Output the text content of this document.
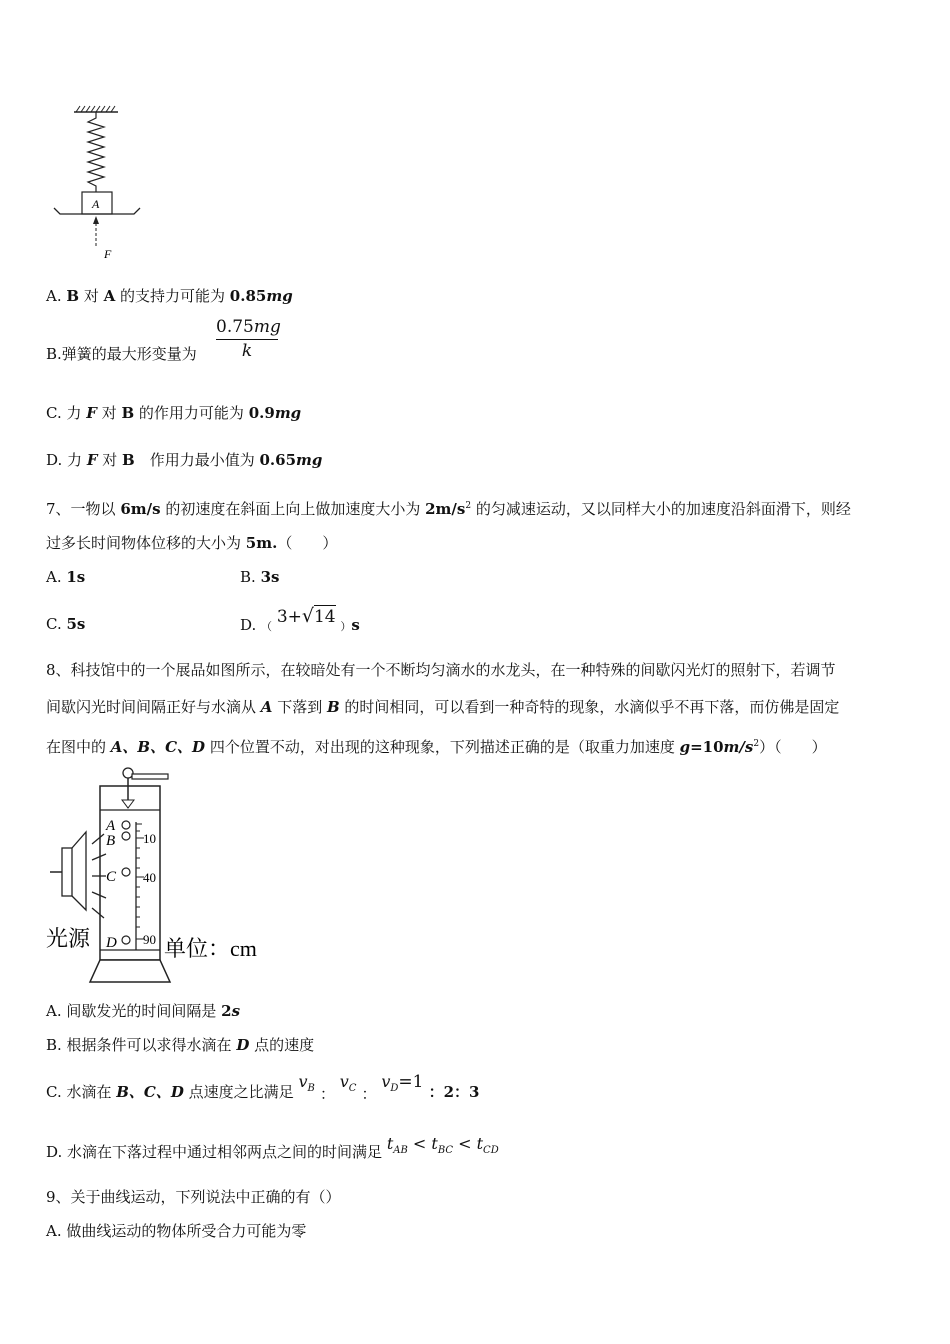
A
F
A. B 对 A 的支持力可能为 0.85mg
B.弹簧的最大形变量为 $\frac{0.75mg}{k}$
C. 力 F 对 B 的作用力可能为 0.9mg
D. 力 F 对 B　作用力最小值为 0.65mg
7、一物以 6m/s 的初速度在斜面上向上做加速度大小为 $2m/s^2$ 的匀减速运动，又以同样大小的加速度沿斜面滑下，则经
过多长时间物体位移的大小为 5m.（　　）
A. 1s	B. 3s
C. 5s	D. （ 3+√14 ）s
8、科技馆中的一个展品如图所示，在较暗处有一个不断均匀滴水的水龙头，在一种特殊的间歇闪光灯的照射下，若调节
间歇闪光时间间隔正好与水滴从 A 下落到 B 的时间相同，可以看到一种奇特的现象，水滴似乎不再下落，而仿佛是固定
在图中的 A、B、C、D 四个位置不动，对出现的这种现象，下列描述正确的是（取重力加速度 $g=10m/s^2$）（　　）
光源
10
40
90
A
B
C
D 单位：cm
A. 间歇发光的时间间隔是 2s
B. 根据条件可以求得水滴在 D 点的速度
C. 水滴在 B、C、D 点速度之比满足 $v_B$ ： $v_C$ ： $v_D=1$ ：2：3
D. 水滴在下落过程中通过相邻两点之间的时间满足 $t_{AB} < t_{BC} < t_{CD}$
9、关于曲线运动，下列说法中正确的有（）
A. 做曲线运动的物体所受合力可能为零
